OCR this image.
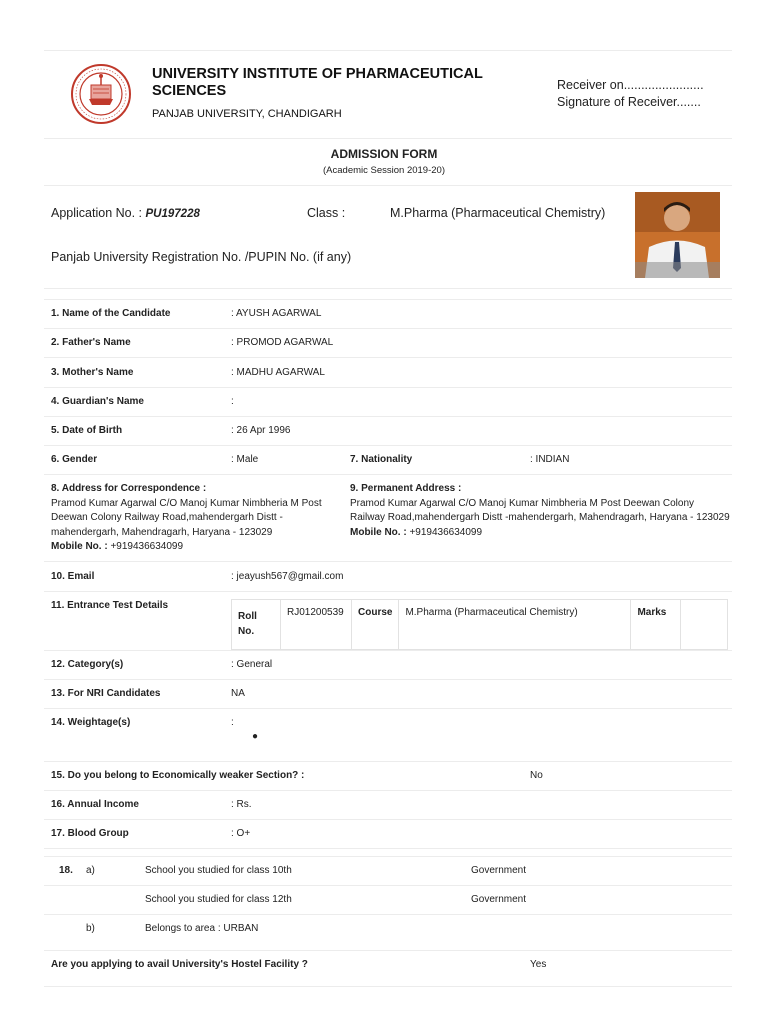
UNIVERSITY INSTITUTE OF PHARMACEUTICAL SCIENCES
PANJAB UNIVERSITY, CHANDIGARH
Receiver on.......................
Signature of Receiver.......
ADMISSION FORM
(Academic Session 2019-20)
Application No. : PU197228	Class :	M.Pharma (Pharmaceutical Chemistry)
Panjab University Registration No. /PUPIN No. (if any)
1. Name of the Candidate	: AYUSH AGARWAL
2. Father's Name	: PROMOD AGARWAL
3. Mother's Name	: MADHU AGARWAL
4. Guardian's Name	:
5. Date of Birth	: 26 Apr 1996
6. Gender	: Male	7. Nationality	: INDIAN
8. Address for Correspondence :
Pramod Kumar Agarwal C/O Manoj Kumar Nimbheria M Post
Deewan Colony Railway Road,mahendergarh Distt -
mahendergarh, Mahendragarh, Haryana - 123029
Mobile No. : +919436634099
9. Permanent Address :
Pramod Kumar Agarwal C/O Manoj Kumar Nimbheria M Post Deewan Colony
Railway Road,mahendergarh Distt -mahendergarh, Mahendragarh, Haryana - 123029
Mobile No. : +919436634099
10. Email	: jeayush567@gmail.com
11. Entrance Test Details
Roll
No.	RJ01200539	Course	M.Pharma (Pharmaceutical Chemistry)	Marks	
12. Category(s)	: General
13. For NRI Candidates	NA
14. Weightage(s)	:
●
15. Do you belong to Economically weaker Section? :	No
16. Annual Income	: Rs.
17. Blood Group	: O+
18. a)	School you studied for class 10th	Government
School you studied for class 12th	Government
b)	Belongs to area : URBAN
Are you applying to avail University's Hostel Facility ?	Yes
